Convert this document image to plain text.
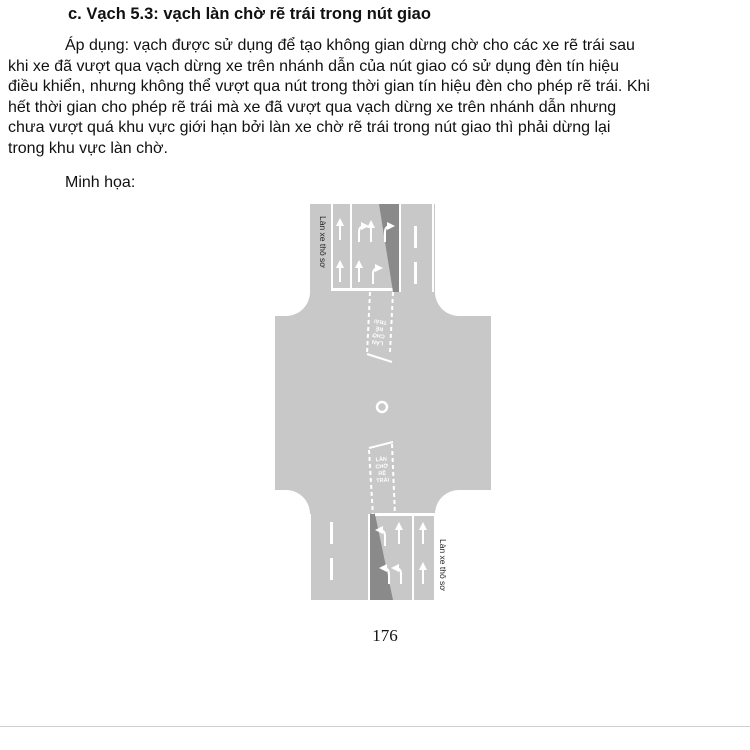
c. Vạch 5.3: vạch làn chờ rẽ trái trong nút giao
Áp dụng: vạch được sử dụng để tạo không gian dừng chờ cho các xe rẽ trái sau
khi xe đã vượt qua vạch dừng xe trên nhánh dẫn của nút giao có sử dụng đèn tín hiệu
điều khiển, nhưng không thể vượt qua nút trong thời gian tín hiệu đèn cho phép rẽ trái. Khi
hết thời gian cho phép rẽ trái mà xe đã vượt qua vạch dừng xe trên nhánh dẫn nhưng
chưa vượt quá khu vực giới hạn bởi làn xe chờ rẽ trái trong nút giao thì phải dừng lại
trong khu vực làn chờ.
Minh họa:
Làn xe thô sơ
LÀN
CHỜ
RẼ
TRÁI
LÀN
CHỜ
RẼ
TRÁI
Làn xe thô sơ
176
